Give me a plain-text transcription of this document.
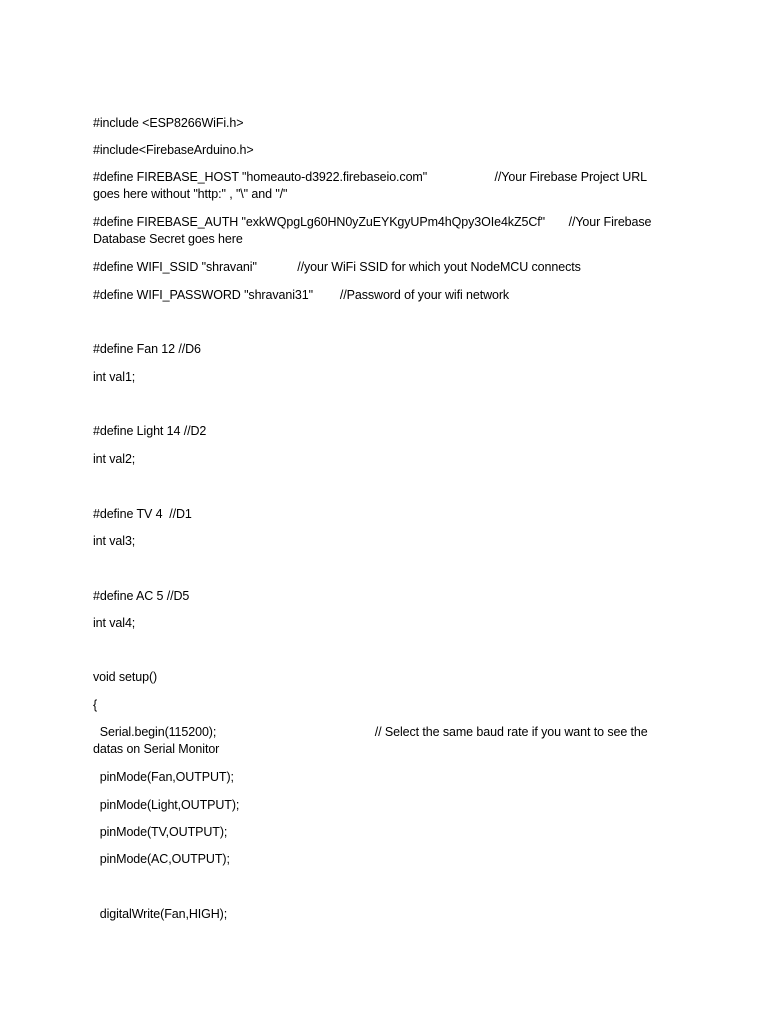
#include <ESP8266WiFi.h>
#include<FirebaseArduino.h>
#define FIREBASE_HOST "homeauto-d3922.firebaseio.com"                    //Your Firebase Project URL goes here without "http:" , "\" and "/"
#define FIREBASE_AUTH "exkWQpgLg60HN0yZuEYKgyUPm4hQpy3OIe4kZ5Cf"       //Your Firebase Database Secret goes here
#define WIFI_SSID "shravani"            //your WiFi SSID for which yout NodeMCU connects
#define WIFI_PASSWORD "shravani31"        //Password of your wifi network
#define Fan 12 //D6
int val1;
#define Light 14 //D2
int val2;
#define TV 4  //D1
int val3;
#define AC 5 //D5
int val4;
void setup()
{
Serial.begin(115200);                                               // Select the same baud rate if you want to see the datas on Serial Monitor
pinMode(Fan,OUTPUT);
pinMode(Light,OUTPUT);
pinMode(TV,OUTPUT);
pinMode(AC,OUTPUT);
digitalWrite(Fan,HIGH);
